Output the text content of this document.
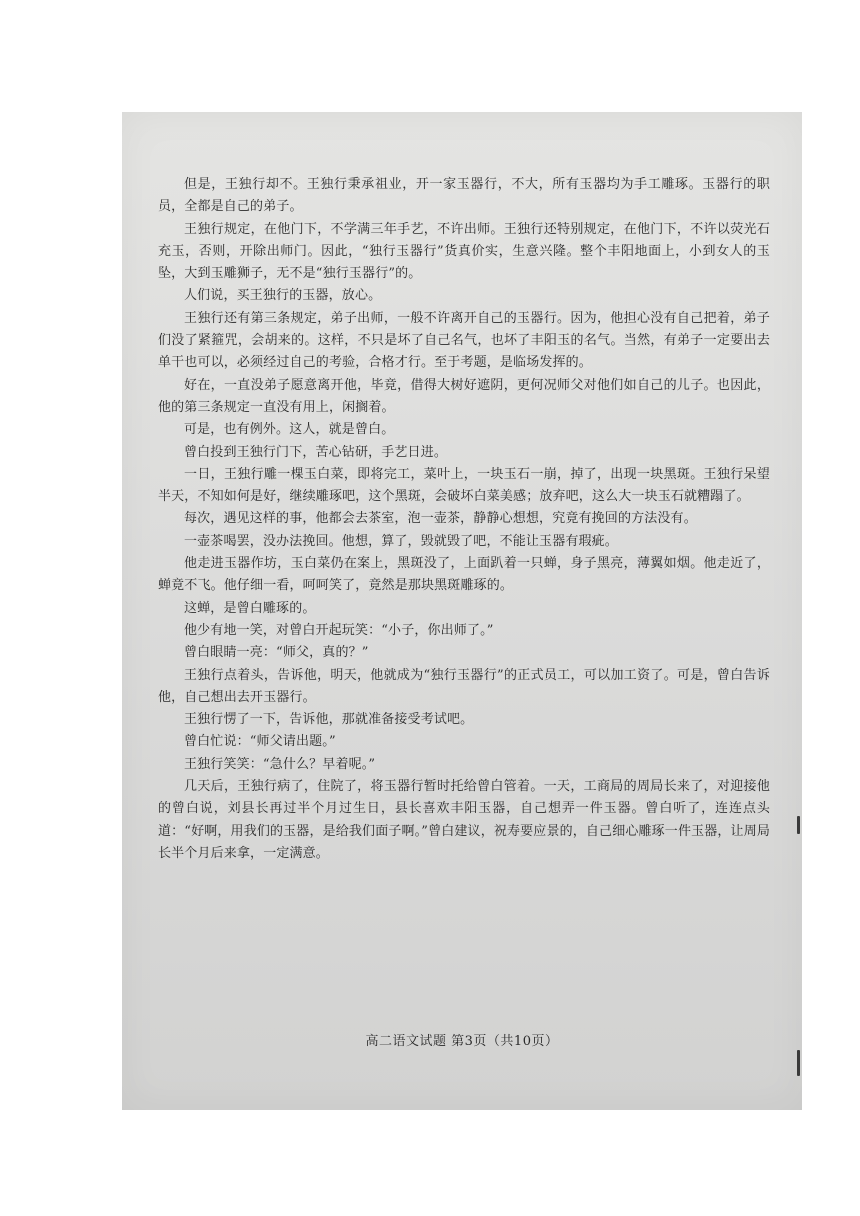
但是，王独行却不。王独行秉承祖业，开一家玉器行，不大，所有玉器均为手工雕琢。玉器行的职员，全都是自己的弟子。

王独行规定，在他门下，不学满三年手艺，不许出师。王独行还特别规定，在他门下，不许以荧光石充玉，否则，开除出师门。因此，“独行玉器行”货真价实，生意兴隆。整个丰阳地面上，小到女人的玉坠，大到玉雕狮子，无不是“独行玉器行”的。

人们说，买王独行的玉器，放心。

王独行还有第三条规定，弟子出师，一般不许离开自己的玉器行。因为，他担心没有自己把着，弟子们没了紧箍咒，会胡来的。这样，不只是坏了自己名气，也坏了丰阳玉的名气。当然，有弟子一定要出去单干也可以，必须经过自己的考验，合格才行。至于考题，是临场发挥的。

好在，一直没弟子愿意离开他，毕竟，借得大树好遮阴，更何况师父对他们如自己的儿子。也因此，他的第三条规定一直没有用上，闲搁着。

可是，也有例外。这人，就是曾白。

曾白投到王独行门下，苦心钻研，手艺日进。

一日，王独行雕一棵玉白菜，即将完工，菜叶上，一块玉石一崩，掉了，出现一块黑斑。王独行呆望半天，不知如何是好，继续雕琢吧，这个黑斑，会破坏白菜美感；放弃吧，这么大一块玉石就糟蹋了。

每次，遇见这样的事，他都会去茶室，泡一壶茶，静静心想想，究竟有挽回的方法没有。

一壶茶喝罢，没办法挽回。他想，算了，毁就毁了吧，不能让玉器有瑕疵。

他走进玉器作坊，玉白菜仍在案上，黑斑没了，上面趴着一只蝉，身子黑亮，薄翼如烟。他走近了，蝉竟不飞。他仔细一看，呵呵笑了，竟然是那块黑斑雕琢的。

这蝉，是曾白雕琢的。

他少有地一笑，对曾白开起玩笑：“小子，你出师了。”

曾白眼睛一亮：“师父，真的？”

王独行点着头，告诉他，明天，他就成为“独行玉器行”的正式员工，可以加工资了。可是，曾白告诉他，自己想出去开玉器行。

王独行愣了一下，告诉他，那就准备接受考试吧。

曾白忙说：“师父请出题。”

王独行笑笑：“急什么？早着呢。”

几天后，王独行病了，住院了，将玉器行暂时托给曾白管着。一天，工商局的周局长来了，对迎接他的曾白说，刘县长再过半个月过生日，县长喜欢丰阳玉器，自己想弄一件玉器。曾白听了，连连点头道：“好啊，用我们的玉器，是给我们面子啊。”曾白建议，祝寿要应景的，自己细心雕琢一件玉器，让周局长半个月后来拿，一定满意。

高二语文试题 第3页（共10页）
